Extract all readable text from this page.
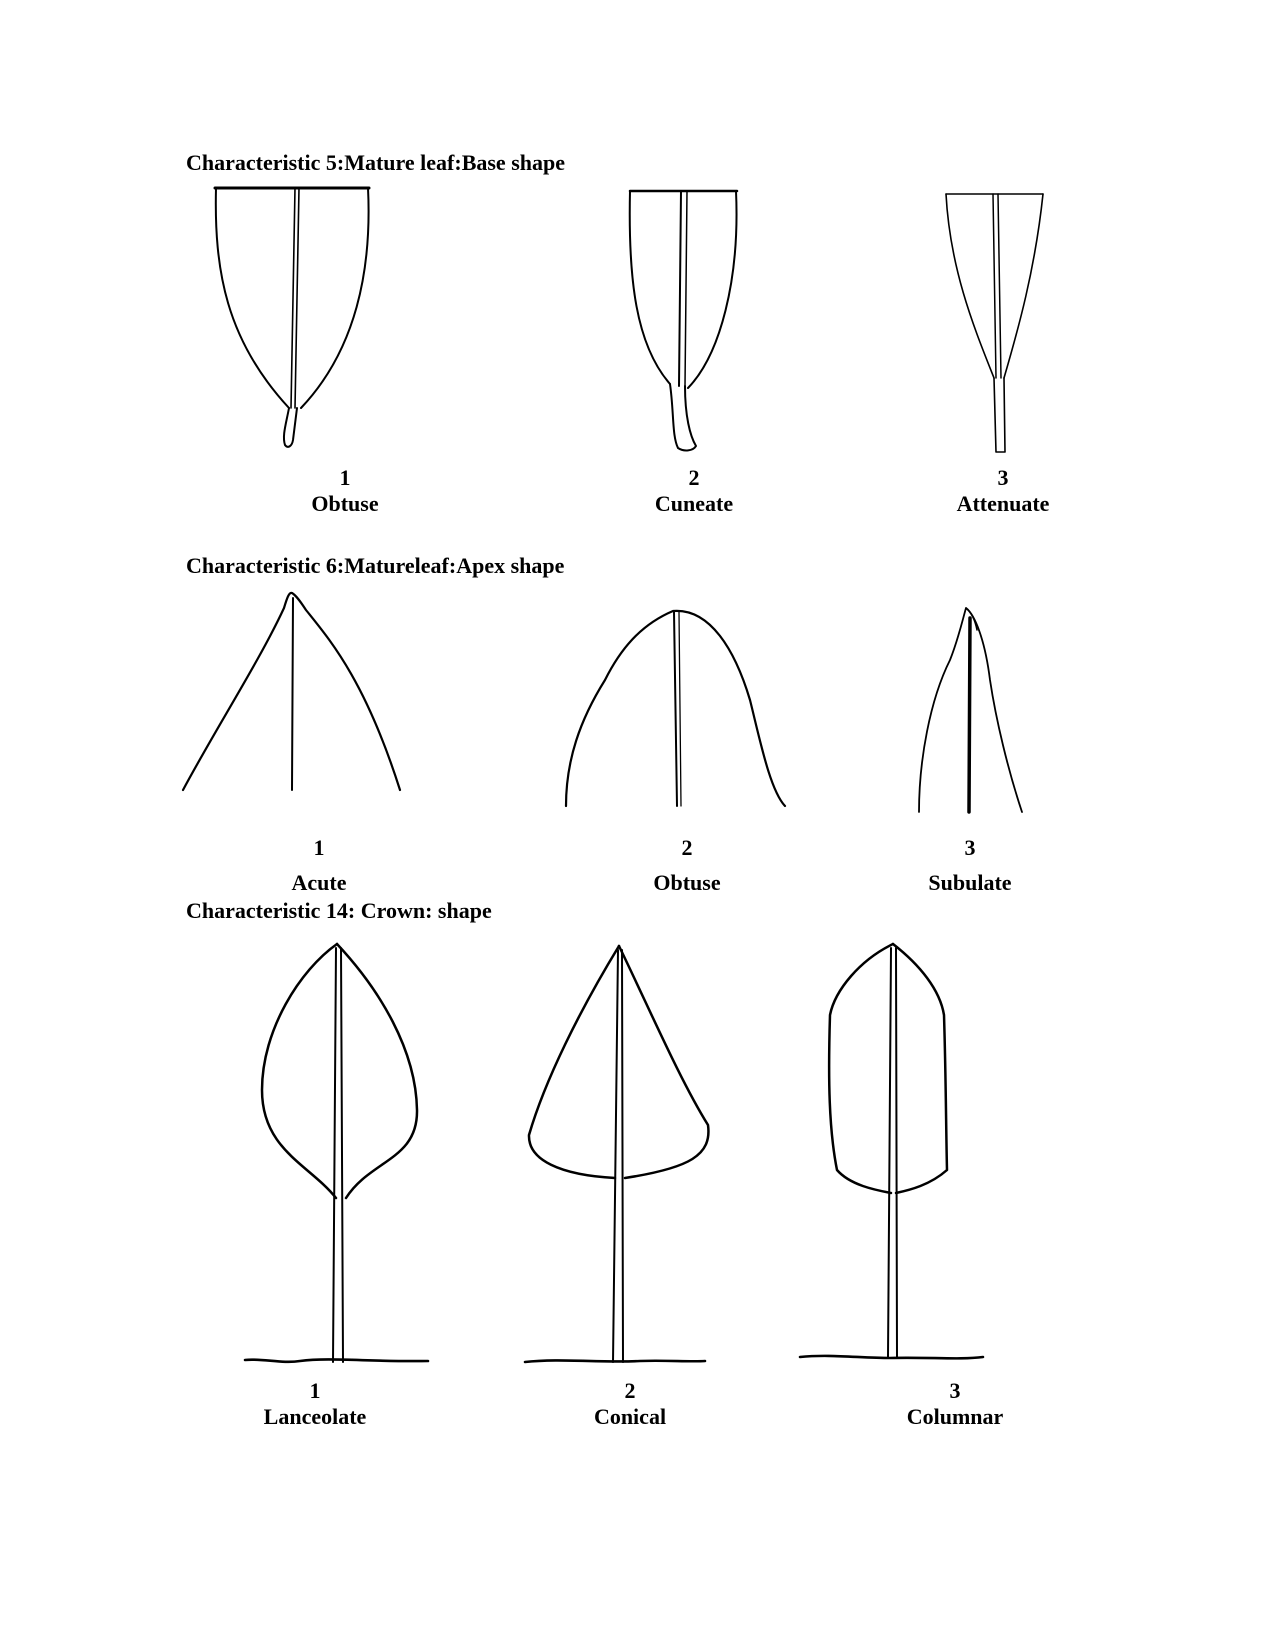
Characteristic 5:Mature leaf:Base shape
Characteristic 6:Matureleaf:Apex shape
Characteristic 14: Crown: shape
1
Obtuse
2
Cuneate
3
Attenuate
1
Acute
2
Obtuse
3
Subulate
1
Lanceolate
2
Conical
3
Columnar
